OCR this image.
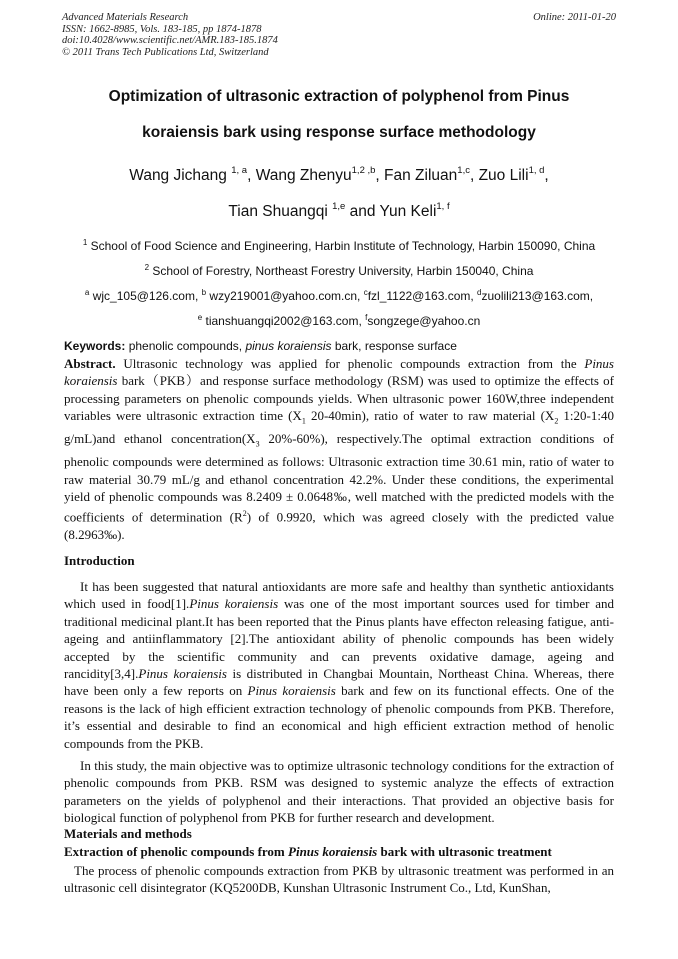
Advanced Materials Research
ISSN: 1662-8985, Vols. 183-185, pp 1874-1878
doi:10.4028/www.scientific.net/AMR.183-185.1874
© 2011 Trans Tech Publications Ltd, Switzerland
Online: 2011-01-20
Optimization of ultrasonic extraction of polyphenol from Pinus
koraiensis bark using response surface methodology
Wang Jichang $^{1, a}$, Wang Zhenyu$^{1,2 ,b}$, Fan Ziluan$^{1,c}$, Zuo Lili$^{1, d}$,
Tian Shuangqi $^{1,e}$ and Yun Keli$^{1, f}$
$^1$ School of Food Science and Engineering, Harbin Institute of Technology, Harbin 150090, China
$^2$ School of Forestry, Northeast Forestry University, Harbin 150040, China
$^a$ wjc_105@126.com, $^b$ wzy219001@yahoo.com.cn, $^c$fzl_1122@163.com, $^d$zuolili213@163.com,
$^e$ tianshuangqi2002@163.com, $^f$songzege@yahoo.cn
Keywords: phenolic compounds, pinus koraiensis bark, response surface
Abstract. Ultrasonic technology was applied for phenolic compounds extraction from the Pinus koraiensis bark（PKB）and response surface methodology (RSM) was used to optimize the effects of processing parameters on phenolic compounds yields. When ultrasonic power 160W,three independent variables were ultrasonic extraction time ($X_1$ 20-40min), ratio of water to raw material ($X_2$ 1:20-1:40 g/mL)and ethanol $concentration(X_3$ 20%-60%), respectively.The optimal extraction conditions of phenolic compounds were determined as follows: Ultrasonic extraction time 30.61 min, ratio of water to raw material 30.79 mL/g and ethanol concentration 42.2%. Under these conditions, the experimental yield of phenolic compounds was 8.2409 ± 0.0648‰, well matched with the predicted models with the coefficients of determination $(R^2)$ of 0.9920, which was agreed closely with the predicted value (8.2963‰).
Introduction
It has been suggested that natural antioxidants are more safe and healthy than synthetic antioxidants which used in food[1].Pinus koraiensis was one of the most important sources used for timber and traditional medicinal plant.It has been reported that the Pinus plants have effecton releasing fatigue, anti-ageing and antiinflammatory [2].The antioxidant ability of phenolic compounds has been widely accepted by the scientific community and can prevents oxidative damage, ageing and rancidity[3,4].Pinus koraiensis is distributed in Changbai Mountain, Northeast China. Whereas, there have been only a few reports on Pinus koraiensis bark and few on its functional effects. One of the reasons is the lack of high efficient extraction technology of phenolic compounds from PKB. Therefore, it’s essential and desirable to find an economical and high efficient extraction method of henolic compounds from the PKB.
In this study, the main objective was to optimize ultrasonic technology conditions for the extraction of phenolic compounds from PKB. RSM was designed to systemic analyze the effects of extraction parameters on the yields of polyphenol and their interactions. That provided an objective basis for biological function of polyphenol from PKB for further research and development.
Materials and methods
Extraction of phenolic compounds from Pinus koraiensis bark with ultrasonic treatment
The process of phenolic compounds extraction from PKB by ultrasonic treatment was performed in an ultrasonic cell disintegrator (KQ5200DB, Kunshan Ultrasonic Instrument Co., Ltd, KunShan,
